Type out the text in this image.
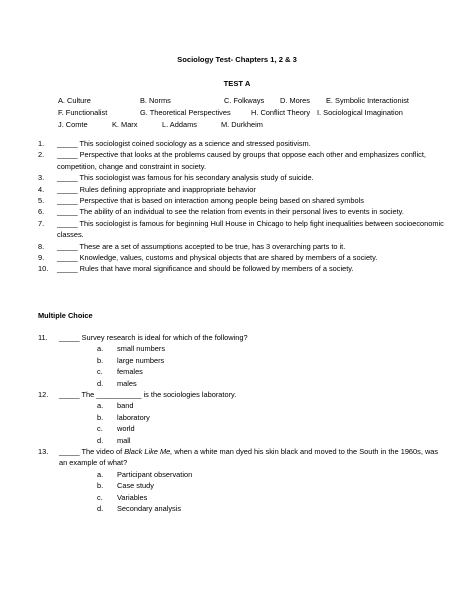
Sociology Test- Chapters 1, 2 & 3
TEST A
A. Culture	B. Norms	C. Folkways D. Mores E. Symbolic Interactionist
F. Functionalist	G. Theoretical Perspectives	H. Conflict Theory I. Sociological Imagination
J. Comte	K. Marx	L. Addams	M. Durkheim
1. _____ This sociologist coined sociology as a science and stressed positivism.
2. _____ Perspective that looks at the problems caused by groups that oppose each other and emphasizes conflict, competition, change and constraint in society.
3. _____ This sociologist was famous for his secondary analysis study of suicide.
4. _____ Rules defining appropriate and inappropriate behavior
5. _____ Perspective that is based on interaction among people being based on shared symbols
6. _____ The ability of an individual to see the relation from events in their personal lives to events in society.
7. _____ This sociologist is famous for beginning Hull House in Chicago to help fight inequalities between socioeconomic classes.
8. _____ These are a set of assumptions accepted to be true, has 3 overarching parts to it.
9. _____ Knowledge, values, customs and physical objects that are shared by members of a society.
10. _____ Rules that have moral significance and should be followed by members of a society.
Multiple Choice
11. _____ Survey research is ideal for which of the following?
a. small numbers
b. large numbers
c. females
d. males
12. _____ The ___________ is the sociologies laboratory.
a. band
b. laboratory
c. world
d. mall
13. _____ The video of Black Like Me, when a white man dyed his skin black and moved to the South in the 1960s, was an example of what?
a. Participant observation
b. Case study
c. Variables
d. Secondary analysis
